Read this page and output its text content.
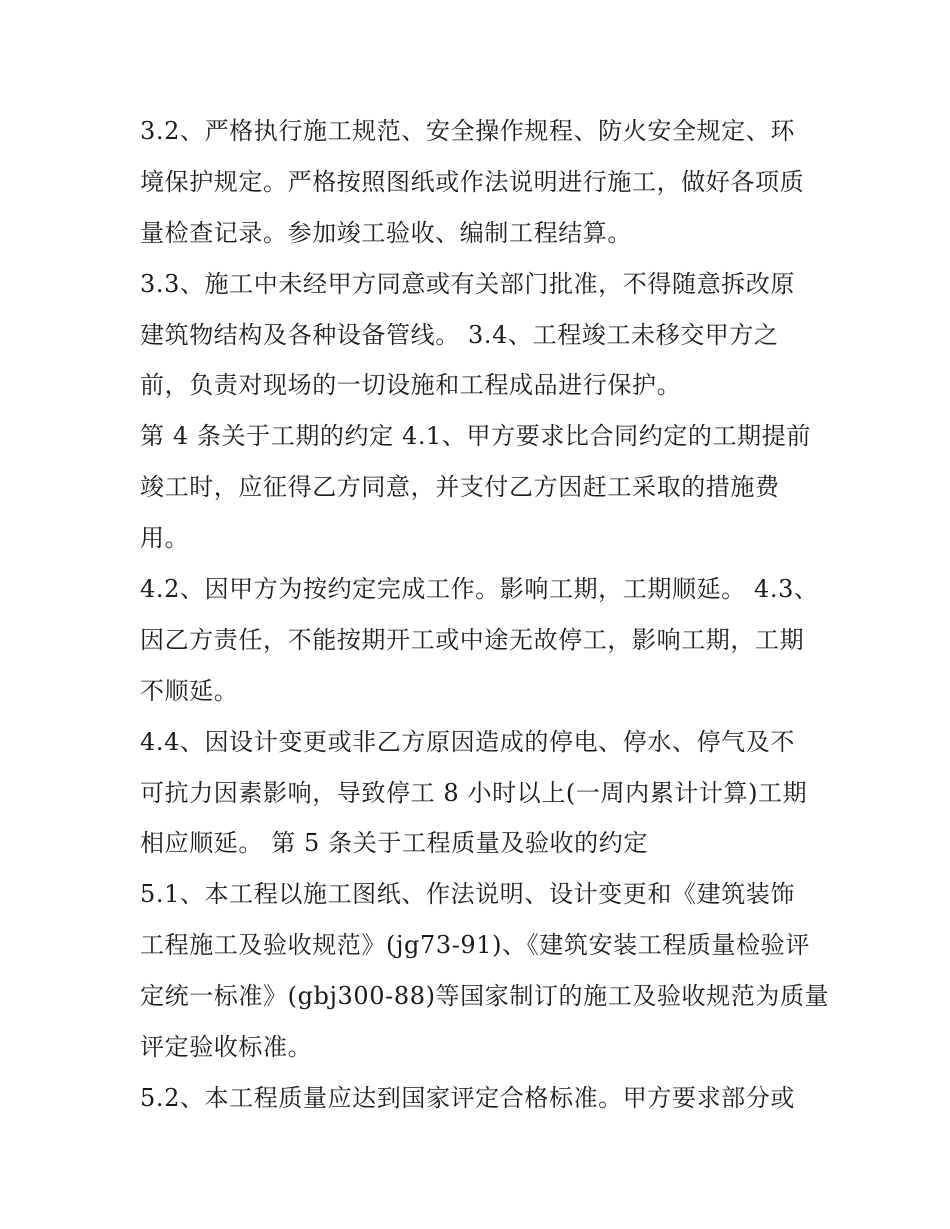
3.2、严格执行施工规范、安全操作规程、防火安全规定、环
境保护规定。严格按照图纸或作法说明进行施工，做好各项质
量检查记录。参加竣工验收、编制工程结算。
3.3、施工中未经甲方同意或有关部门批准，不得随意拆改原
建筑物结构及各种设备管线。 3.4、工程竣工未移交甲方之
前，负责对现场的一切设施和工程成品进行保护。
第 4 条关于工期的约定 4.1、甲方要求比合同约定的工期提前
竣工时，应征得乙方同意，并支付乙方因赶工采取的措施费
用。
4.2、因甲方为按约定完成工作。影响工期，工期顺延。 4.3、
因乙方责任，不能按期开工或中途无故停工，影响工期，工期
不顺延。
4.4、因设计变更或非乙方原因造成的停电、停水、停气及不
可抗力因素影响，导致停工 8 小时以上(一周内累计计算)工期
相应顺延。 第 5 条关于工程质量及验收的约定
5.1、本工程以施工图纸、作法说明、设计变更和《建筑装饰
工程施工及验收规范》(jg73-91)、《建筑安装工程质量检验评
定统一标准》(gbj300-88)等国家制订的施工及验收规范为质量
评定验收标准。
5.2、本工程质量应达到国家评定合格标准。甲方要求部分或
